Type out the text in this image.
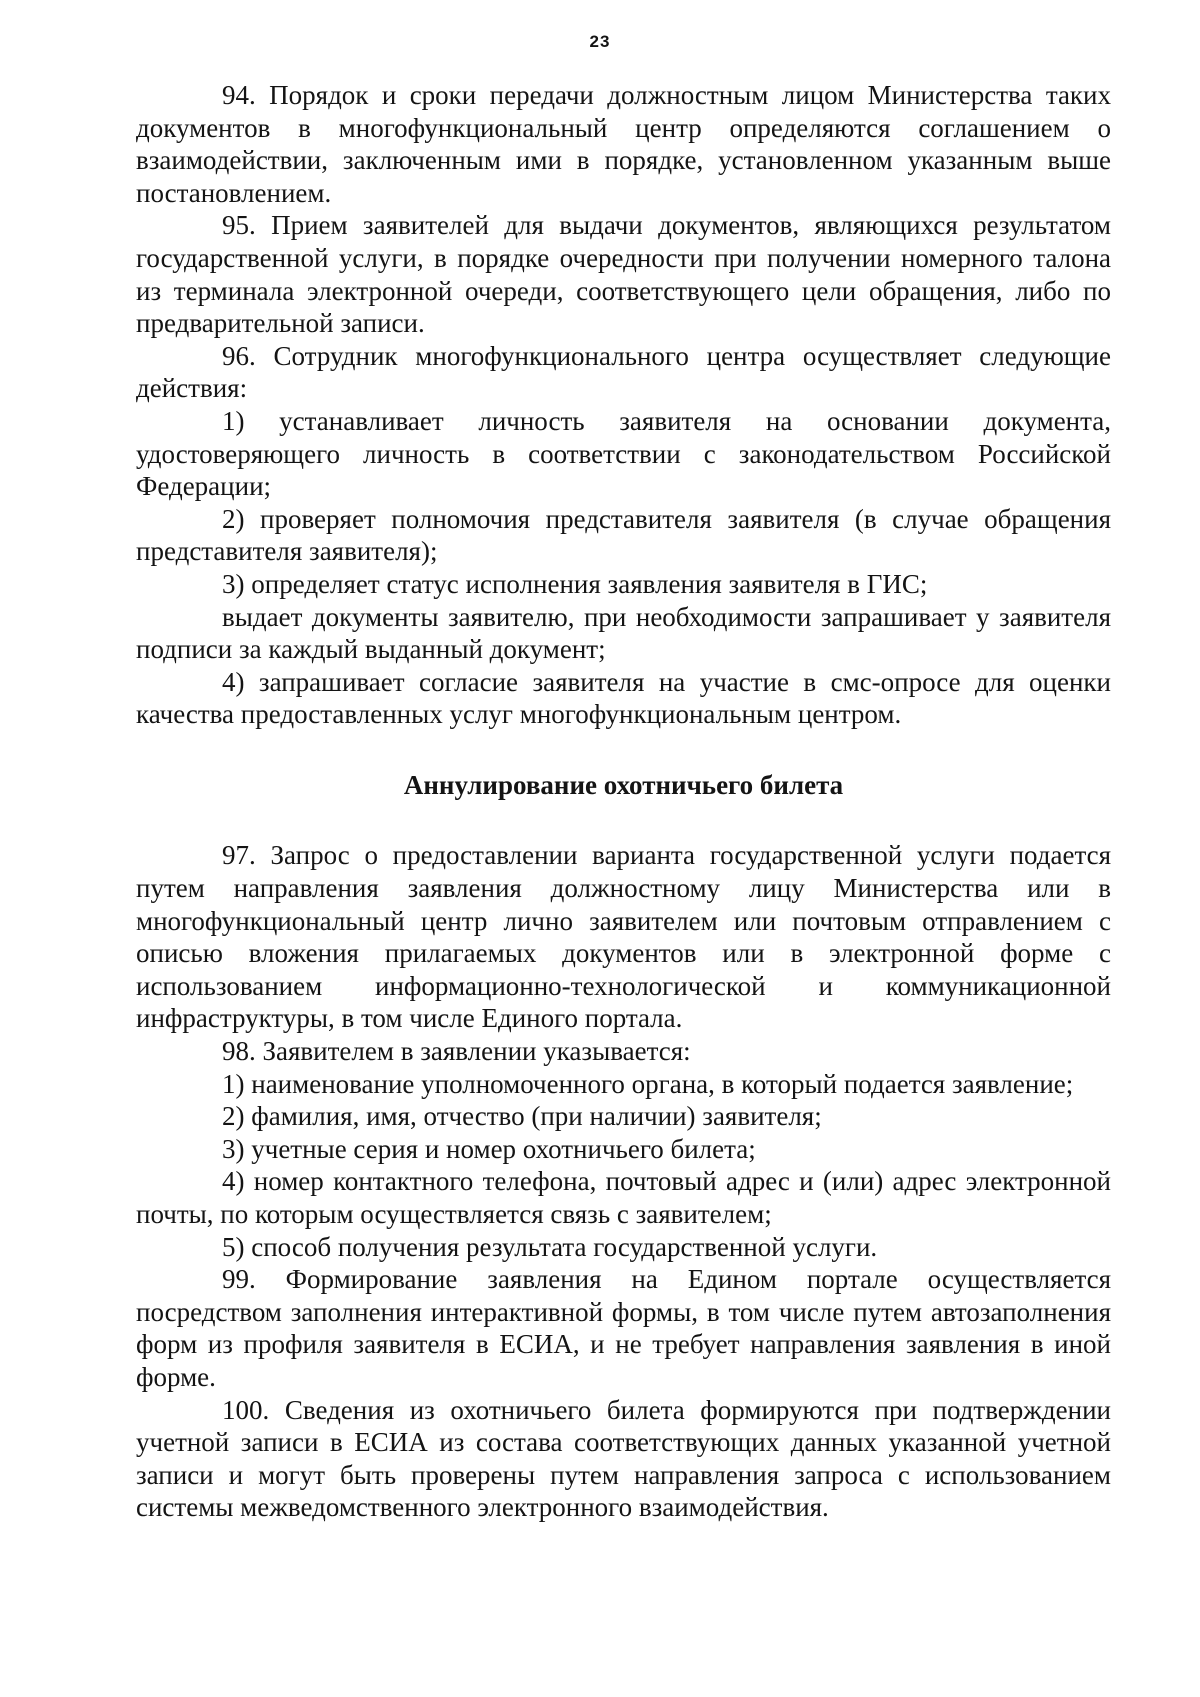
23

94. Порядок и сроки передачи должностным лицом Министерства таких документов в многофункциональный центр определяются соглашением о взаимодействии, заключенным ими в порядке, установленном указанным выше постановлением.

95. Прием заявителей для выдачи документов, являющихся результатом государственной услуги, в порядке очередности при получении номерного талона из терминала электронной очереди, соответствующего цели обращения, либо по предварительной записи.

96. Сотрудник многофункционального центра осуществляет следующие действия:

1) устанавливает личность заявителя на основании документа, удостоверяющего личность в соответствии с законодательством Российской Федерации;

2) проверяет полномочия представителя заявителя (в случае обращения представителя заявителя);

3) определяет статус исполнения заявления заявителя в ГИС;

выдает документы заявителю, при необходимости запрашивает у заявителя подписи за каждый выданный документ;

4) запрашивает согласие заявителя на участие в смс-опросе для оценки качества предоставленных услуг многофункциональным центром.

Аннулирование охотничьего билета

97. Запрос о предоставлении варианта государственной услуги подается путем направления заявления должностному лицу Министерства или в многофункциональный центр лично заявителем или почтовым отправлением с описью вложения прилагаемых документов или в электронной форме с использованием информационно-технологической и коммуникационной инфраструктуры, в том числе Единого портала.

98. Заявителем в заявлении указывается:

1) наименование уполномоченного органа, в который подается заявление;

2) фамилия, имя, отчество (при наличии) заявителя;

3) учетные серия и номер охотничьего билета;

4) номер контактного телефона, почтовый адрес и (или) адрес электронной почты, по которым осуществляется связь с заявителем;

5) способ получения результата государственной услуги.

99. Формирование заявления на Едином портале осуществляется посредством заполнения интерактивной формы, в том числе путем автозаполнения форм из профиля заявителя в ЕСИА, и не требует направления заявления в иной форме.

100. Сведения из охотничьего билета формируются при подтверждении учетной записи в ЕСИА из состава соответствующих данных указанной учетной записи и могут быть проверены путем направления запроса с использованием системы межведомственного электронного взаимодействия.
